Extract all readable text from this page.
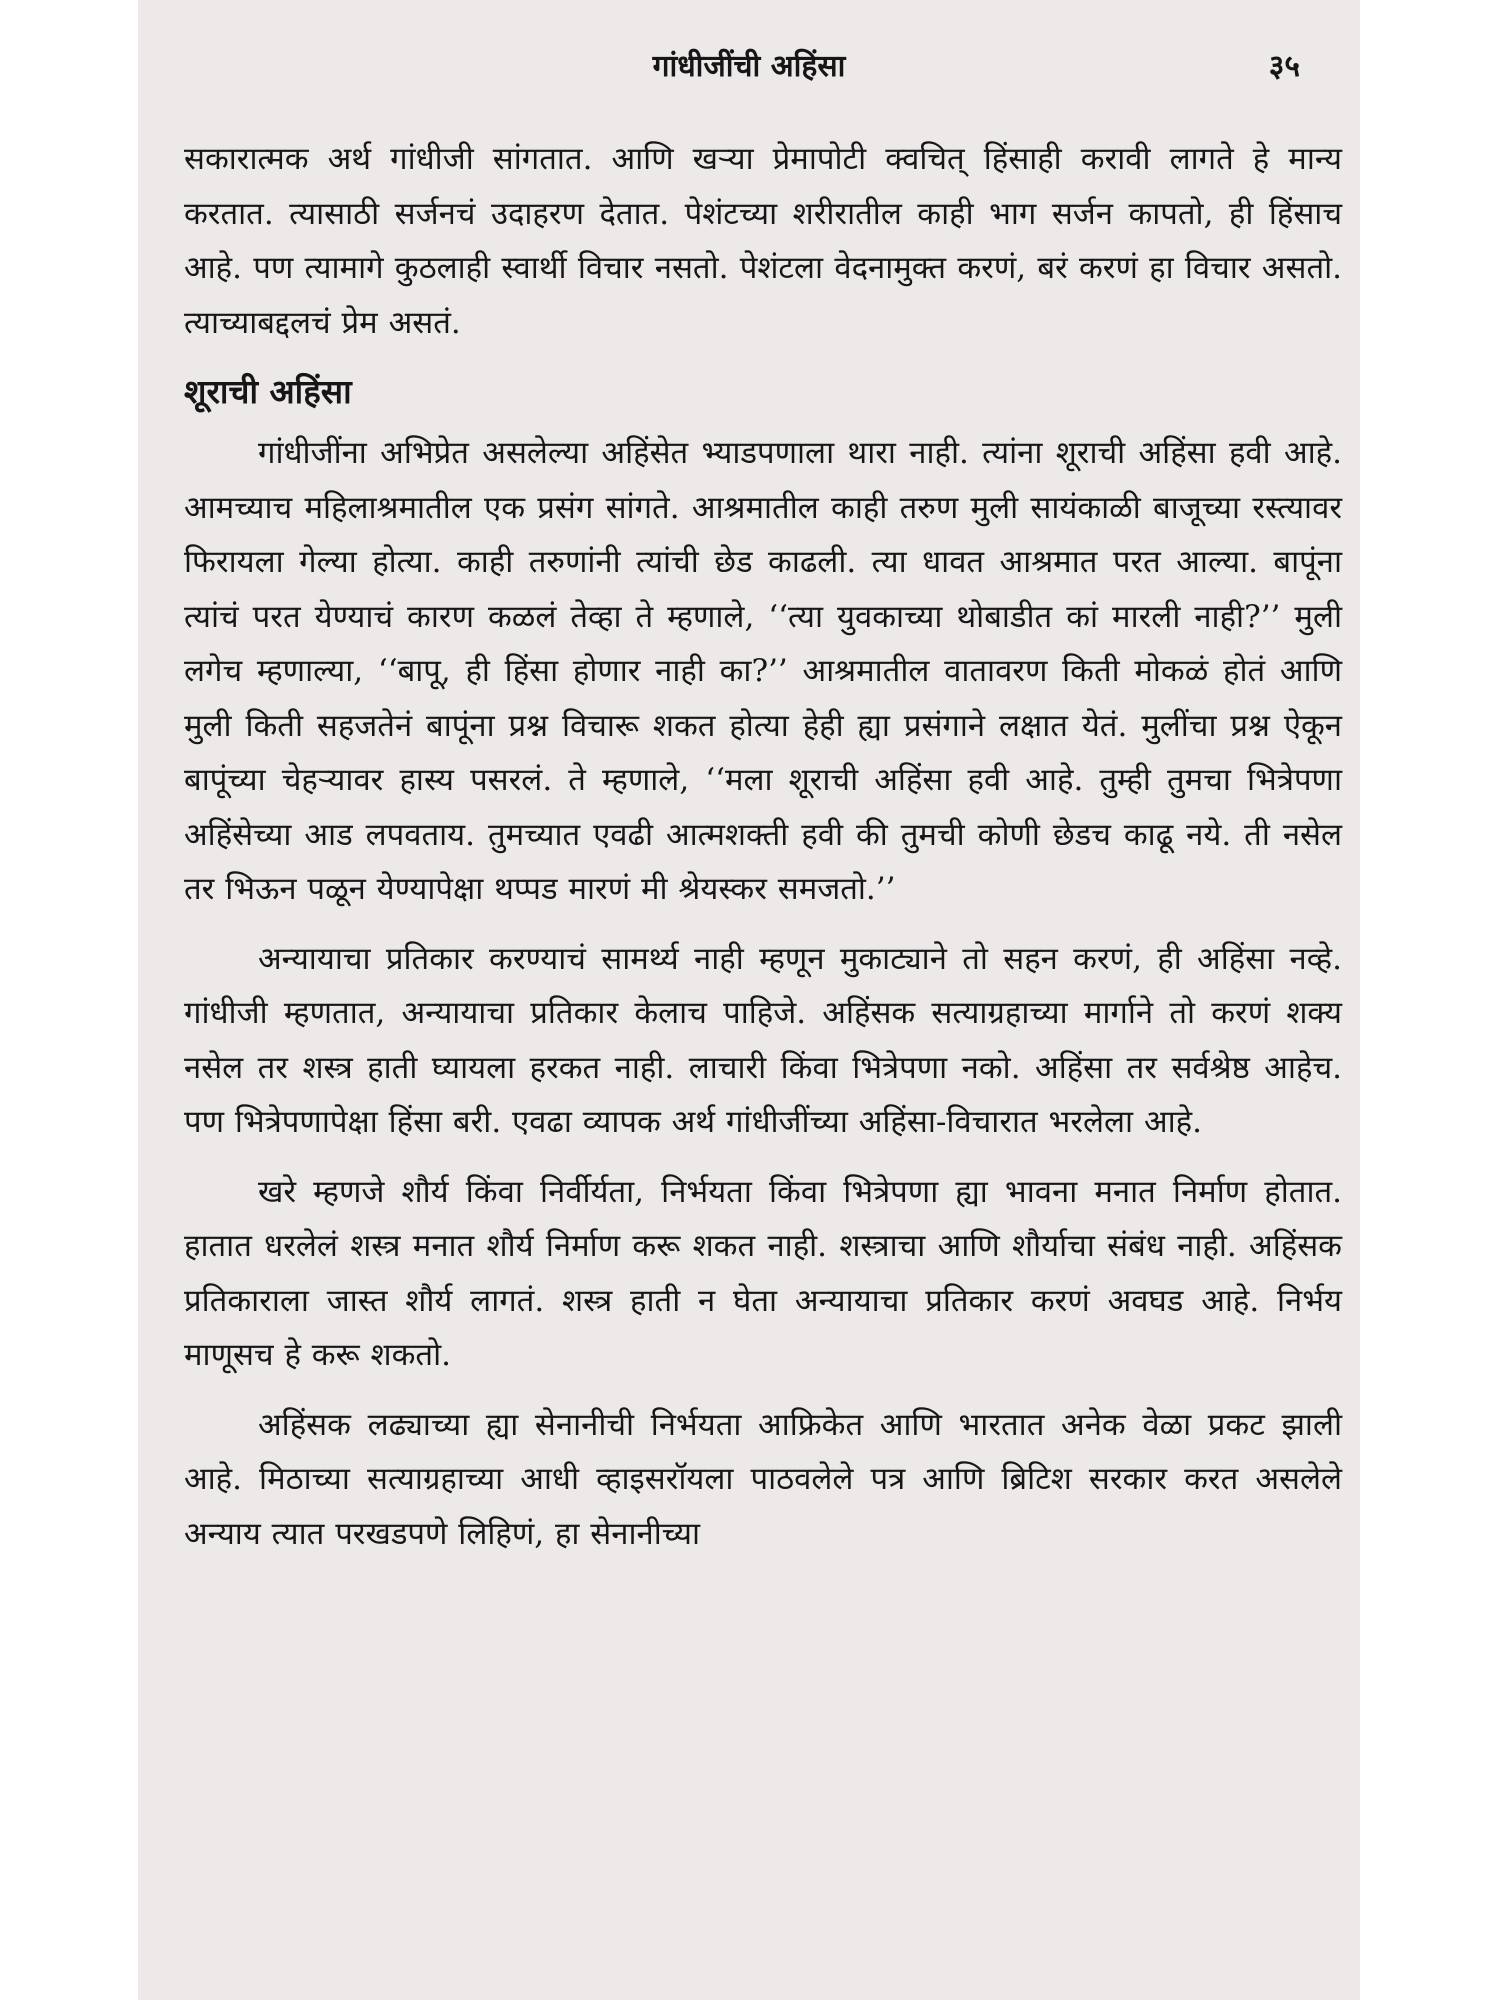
गांधीजींची अहिंसा	३५

सकारात्मक अर्थ गांधीजी सांगतात. आणि खऱ्या प्रेमापोटी क्वचित् हिंसाही करावी लागते हे मान्य करतात. त्यासाठी सर्जनचं उदाहरण देतात. पेशंटच्या शरीरातील काही भाग सर्जन कापतो, ही हिंसाच आहे. पण त्यामागे कुठलाही स्वार्थी विचार नसतो. पेशंटला वेदनामुक्त करणं, बरं करणं हा विचार असतो. त्याच्याबद्दलचं प्रेम असतं.

शूराची अहिंसा

गांधीजींना अभिप्रेत असलेल्या अहिंसेत भ्याडपणाला थारा नाही. त्यांना शूराची अहिंसा हवी आहे. आमच्याच महिलाश्रमातील एक प्रसंग सांगते. आश्रमातील काही तरुण मुली सायंकाळी बाजूच्या रस्त्यावर फिरायला गेल्या होत्या. काही तरुणांनी त्यांची छेड काढली. त्या धावत आश्रमात परत आल्या. बापूंना त्यांचं परत येण्याचं कारण कळलं तेव्हा ते म्हणाले, ‘‘त्या युवकाच्या थोबाडीत कां मारली नाही?’’ मुली लगेच म्हणाल्या, ‘‘बापू, ही हिंसा होणार नाही का?’’ आश्रमातील वातावरण किती मोकळं होतं आणि मुली किती सहजतेनं बापूंना प्रश्न विचारू शकत होत्या हेही ह्या प्रसंगाने लक्षात येतं. मुलींचा प्रश्न ऐकून बापूंच्या चेहऱ्यावर हास्य पसरलं. ते म्हणाले, ‘‘मला शूराची अहिंसा हवी आहे. तुम्ही तुमचा भित्रेपणा अहिंसेच्या आड लपवताय. तुमच्यात एवढी आत्मशक्ती हवी की तुमची कोणी छेडच काढू नये. ती नसेल तर भिऊन पळून येण्यापेक्षा थप्पड मारणं मी श्रेयस्कर समजतो.’’

अन्यायाचा प्रतिकार करण्याचं सामर्थ्य नाही म्हणून मुकाट्याने तो सहन करणं, ही अहिंसा नव्हे. गांधीजी म्हणतात, अन्यायाचा प्रतिकार केलाच पाहिजे. अहिंसक सत्याग्रहाच्या मार्गाने तो करणं शक्य नसेल तर शस्त्र हाती घ्यायला हरकत नाही. लाचारी किंवा भित्रेपणा नको. अहिंसा तर सर्वश्रेष्ठ आहेच. पण भित्रेपणापेक्षा हिंसा बरी. एवढा व्यापक अर्थ गांधीजींच्या अहिंसा-विचारात भरलेला आहे.

खरे म्हणजे शौर्य किंवा निर्वीर्यता, निर्भयता किंवा भित्रेपणा ह्या भावना मनात निर्माण होतात. हातात धरलेलं शस्त्र मनात शौर्य निर्माण करू शकत नाही. शस्त्राचा आणि शौर्याचा संबंध नाही. अहिंसक प्रतिकाराला जास्त शौर्य लागतं. शस्त्र हाती न घेता अन्यायाचा प्रतिकार करणं अवघड आहे. निर्भय माणूसच हे करू शकतो.

अहिंसक लढ्याच्या ह्या सेनानीची निर्भयता आफ्रिकेत आणि भारतात अनेक वेळा प्रकट झाली आहे. मिठाच्या सत्याग्रहाच्या आधी व्हाइसरॉयला पाठवलेले पत्र आणि ब्रिटिश सरकार करत असलेले अन्याय त्यात परखडपणे लिहिणं, हा सेनानीच्या
